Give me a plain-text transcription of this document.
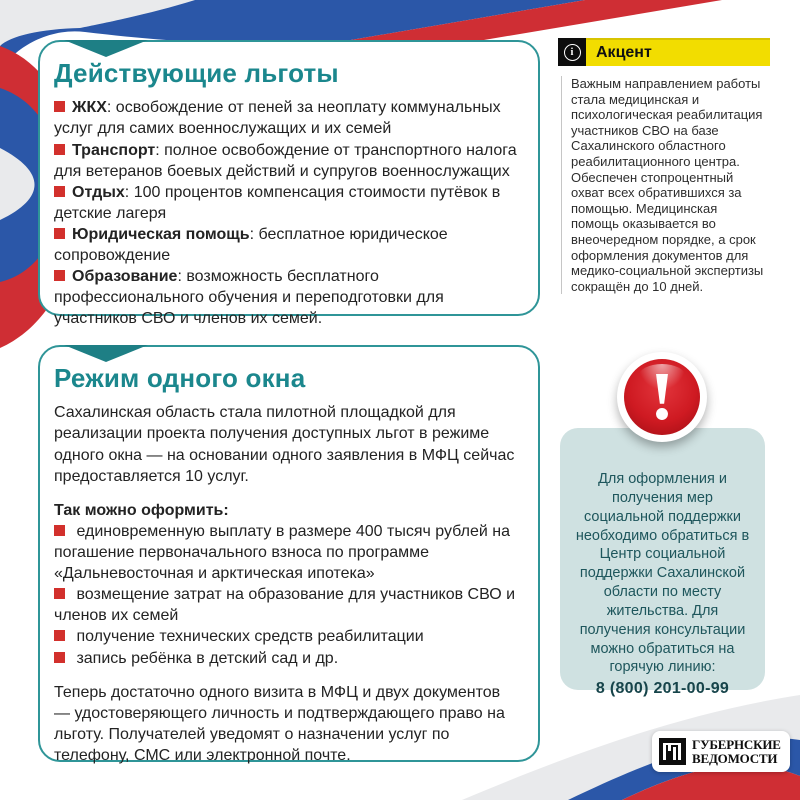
Действующие льготы

ЖКХ: освобождение от пеней за неоплату коммунальных услуг для самих военнослужащих и их семей

Транспорт: полное освобождение от транспортного налога для ветеранов боевых действий и супругов военнослужащих

Отдых: 100 процентов компенсация стоимости путёвок в детские лагеря

Юридическая помощь: бесплатное юридическое сопровождение

Образование: возможность бесплатного профессионального обучения и переподготовки для участников СВО и членов их семей.

i	Акцент
Важным направлением работы стала медицинская и психологическая реабилитация участников СВО на базе Сахалинского областного реабилитационного центра. Обеспечен стопроцентный охват всех обратившихся за помощью. Медицинская помощь оказывается во внеочередном порядке, а срок оформления документов для медико-социальной экспертизы сокращён до 10 дней.
Режим одного окна

Сахалинская область стала пилотной площадкой для реализации проекта получения доступных льгот в режиме одного окна — на основании одного заявления в МФЦ сейчас предоставляется 10 услуг.

Так можно оформить:

единовременную выплату в размере 400 тысяч рублей на погашение первоначального взноса по программе «Дальневосточная и арктическая ипотека»

возмещение затрат на образование для участников СВО и членов их семей

получение технических средств реабилитации

запись ребёнка в детский сад и др.

Теперь достаточно одного визита в МФЦ и двух документов — удостоверяющего личность и подтверждающего право на льготу. Получателей уведомят о назначении услуг по телефону, СМС или электронной почте.

Для оформления и получения мер социальной поддержки необходимо обратиться в Центр социальной поддержки Сахалинской области по месту жительства. Для получения консультации можно обратиться на горячую линию:
8 (800) 201-00-99
ГУБЕРНСКИЕ
ВЕДОМОСТИ
